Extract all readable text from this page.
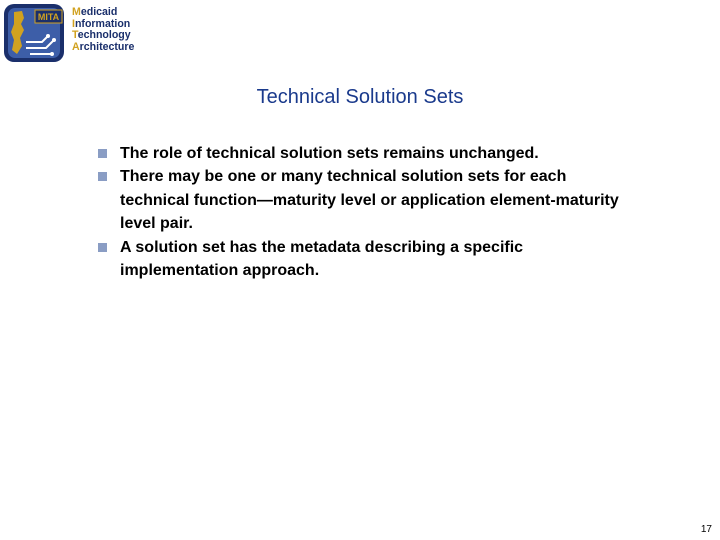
MITA Medicaid
Information
Technology
Architecture
Technical Solution Sets
The role of technical solution sets remains unchanged.
There may be one or many technical solution sets for each technical function—maturity level or application element-maturity level pair.
A solution set has the metadata describing a specific implementation approach.
17
